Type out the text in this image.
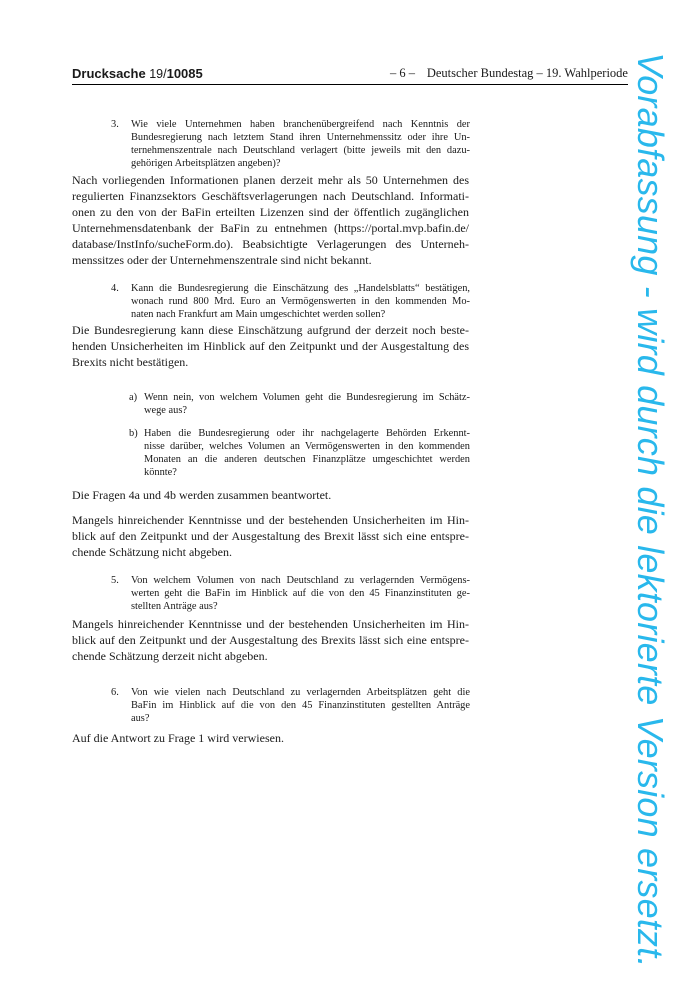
Drucksache 19/10085	– 6 – Deutscher Bundestag – 19. Wahlperiode
3. Wie viele Unternehmen haben branchenübergreifend nach Kenntnis der
Bundesregierung nach letztem Stand ihren Unternehmenssitz oder ihre Un-
ternehmenszentrale nach Deutschland verlagert (bitte jeweils mit den dazu-
gehörigen Arbeitsplätzen angeben)?
Nach vorliegenden Informationen planen derzeit mehr als 50 Unternehmen des
regulierten Finanzsektors Geschäftsverlagerungen nach Deutschland. Informati-
onen zu den von der BaFin erteilten Lizenzen sind der öffentlich zugänglichen
Unternehmensdatenbank der BaFin zu entnehmen (https://portal.mvp.bafin.de/
database/InstInfo/sucheForm.do). Beabsichtigte Verlagerungen des Unterneh-
menssitzes oder der Unternehmenszentrale sind nicht bekannt.
4. Kann die Bundesregierung die Einschätzung des „Handelsblatts“ bestätigen,
wonach rund 800 Mrd. Euro an Vermögenswerten in den kommenden Mo-
naten nach Frankfurt am Main umgeschichtet werden sollen?
Die Bundesregierung kann diese Einschätzung aufgrund der derzeit noch beste-
henden Unsicherheiten im Hinblick auf den Zeitpunkt und der Ausgestaltung des
Brexits nicht bestätigen.
a) Wenn nein, von welchem Volumen geht die Bundesregierung im Schätz-
wege aus?
b) Haben die Bundesregierung oder ihr nachgelagerte Behörden Erkennt-
nisse darüber, welches Volumen an Vermögenswerten in den kommenden
Monaten an die anderen deutschen Finanzplätze umgeschichtet werden
könnte?
Die Fragen 4a und 4b werden zusammen beantwortet.
Mangels hinreichender Kenntnisse und der bestehenden Unsicherheiten im Hin-
blick auf den Zeitpunkt und der Ausgestaltung des Brexit lässt sich eine entspre-
chende Schätzung nicht abgeben.
5. Von welchem Volumen von nach Deutschland zu verlagernden Vermögens-
werten geht die BaFin im Hinblick auf die von den 45 Finanzinstituten ge-
stellten Anträge aus?
Mangels hinreichender Kenntnisse und der bestehenden Unsicherheiten im Hin-
blick auf den Zeitpunkt und der Ausgestaltung des Brexits lässt sich eine entspre-
chende Schätzung derzeit nicht abgeben.
6. Von wie vielen nach Deutschland zu verlagernden Arbeitsplätzen geht die
BaFin im Hinblick auf die von den 45 Finanzinstituten gestellten Anträge
aus?
Auf die Antwort zu Frage 1 wird verwiesen.	Vorabfassung - wird durch die lektorierte Version ersetzt.
